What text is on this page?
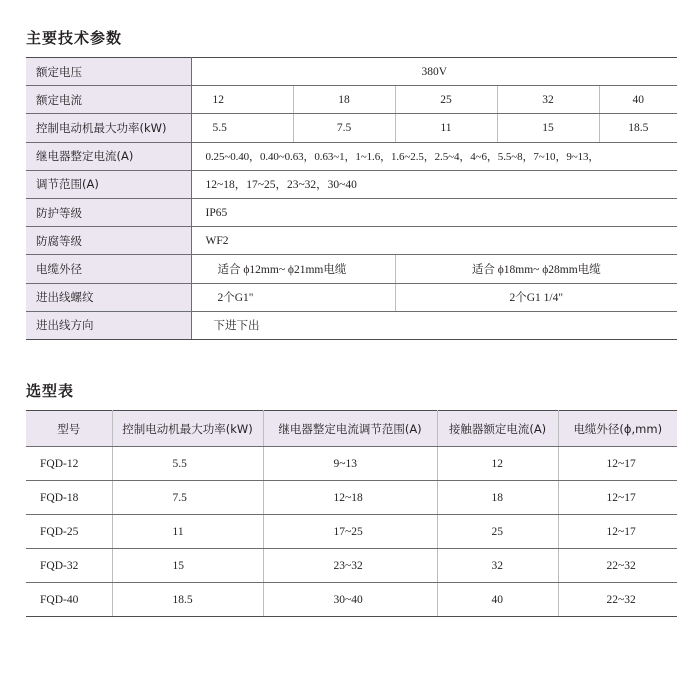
主要技术参数
额定电压	380V				
额定电流	12	18	25	32	40
控制电动机最大功率(kW)	5.5	7.5	11	15	18.5
继电器整定电流(A)	0.25~0.40，0.40~0.63，0.63~1，1~1.6，1.6~2.5，2.5~4，4~6，5.5~8，7~10，9~13，				
调节范围(A)	12~18，17~25，23~32，30~40				
防护等级	IP65				
防腐等级	WF2				
电缆外径	适合 ϕ12mm~ ϕ21mm电缆		适合 ϕ18mm~ ϕ28mm电缆		
进出线螺纹	2个G1"		2个G1 1/4"		
进出线方向	下进下出				
选型表
型号	控制电动机最大功率(kW)	继电器整定电流调节范围(A)	接触器额定电流(A)	电缆外径(ϕ,mm)
FQD-12	5.5	9~13	12	12~17
FQD-18	7.5	12~18	18	12~17
FQD-25	11	17~25	25	12~17
FQD-32	15	23~32	32	22~32
FQD-40	18.5	30~40	40	22~32
